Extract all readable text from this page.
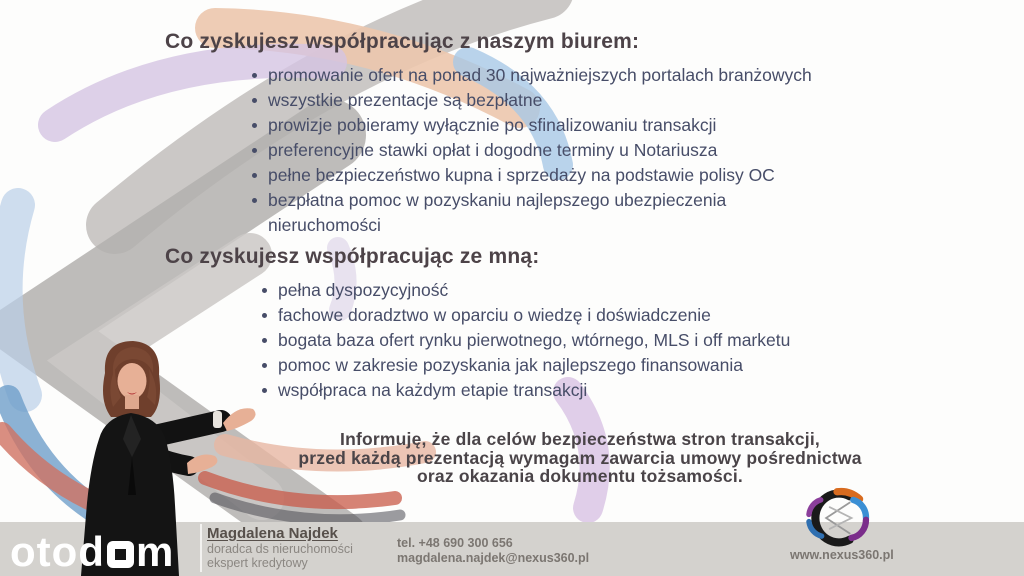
Co zyskujesz współpracując z naszym biurem:
promowanie ofert na ponad 30 najważniejszych portalach branżowych
wszystkie prezentacje są bezpłatne
prowizje pobieramy wyłącznie po sfinalizowaniu transakcji
preferencyjne stawki opłat i dogodne terminy u Notariusza
pełne bezpieczeństwo kupna i sprzedaży na podstawie polisy OC
bezpłatna pomoc w pozyskaniu najlepszego ubezpieczenia
nieruchomości
Co zyskujesz współpracując ze mną:
pełna dyspozycyjność
fachowe doradztwo w oparciu o wiedzę i doświadczenie
bogata baza ofert rynku pierwotnego, wtórnego, MLS i off marketu
pomoc w zakresie pozyskania jak najlepszego finansowania
współpraca na każdym etapie transakcji
Informuję, że dla celów bezpieczeństwa stron transakcji,
przed każdą prezentacją wymagam zawarcia umowy pośrednictwa
oraz okazania dokumentu tożsamości.
otod m Magdalena Najdek
doradca ds nieruchomości
ekspert kredytowy
tel. +48 690 300 656
magdalena.najdek@nexus360.pl	www.nexus360.pl
